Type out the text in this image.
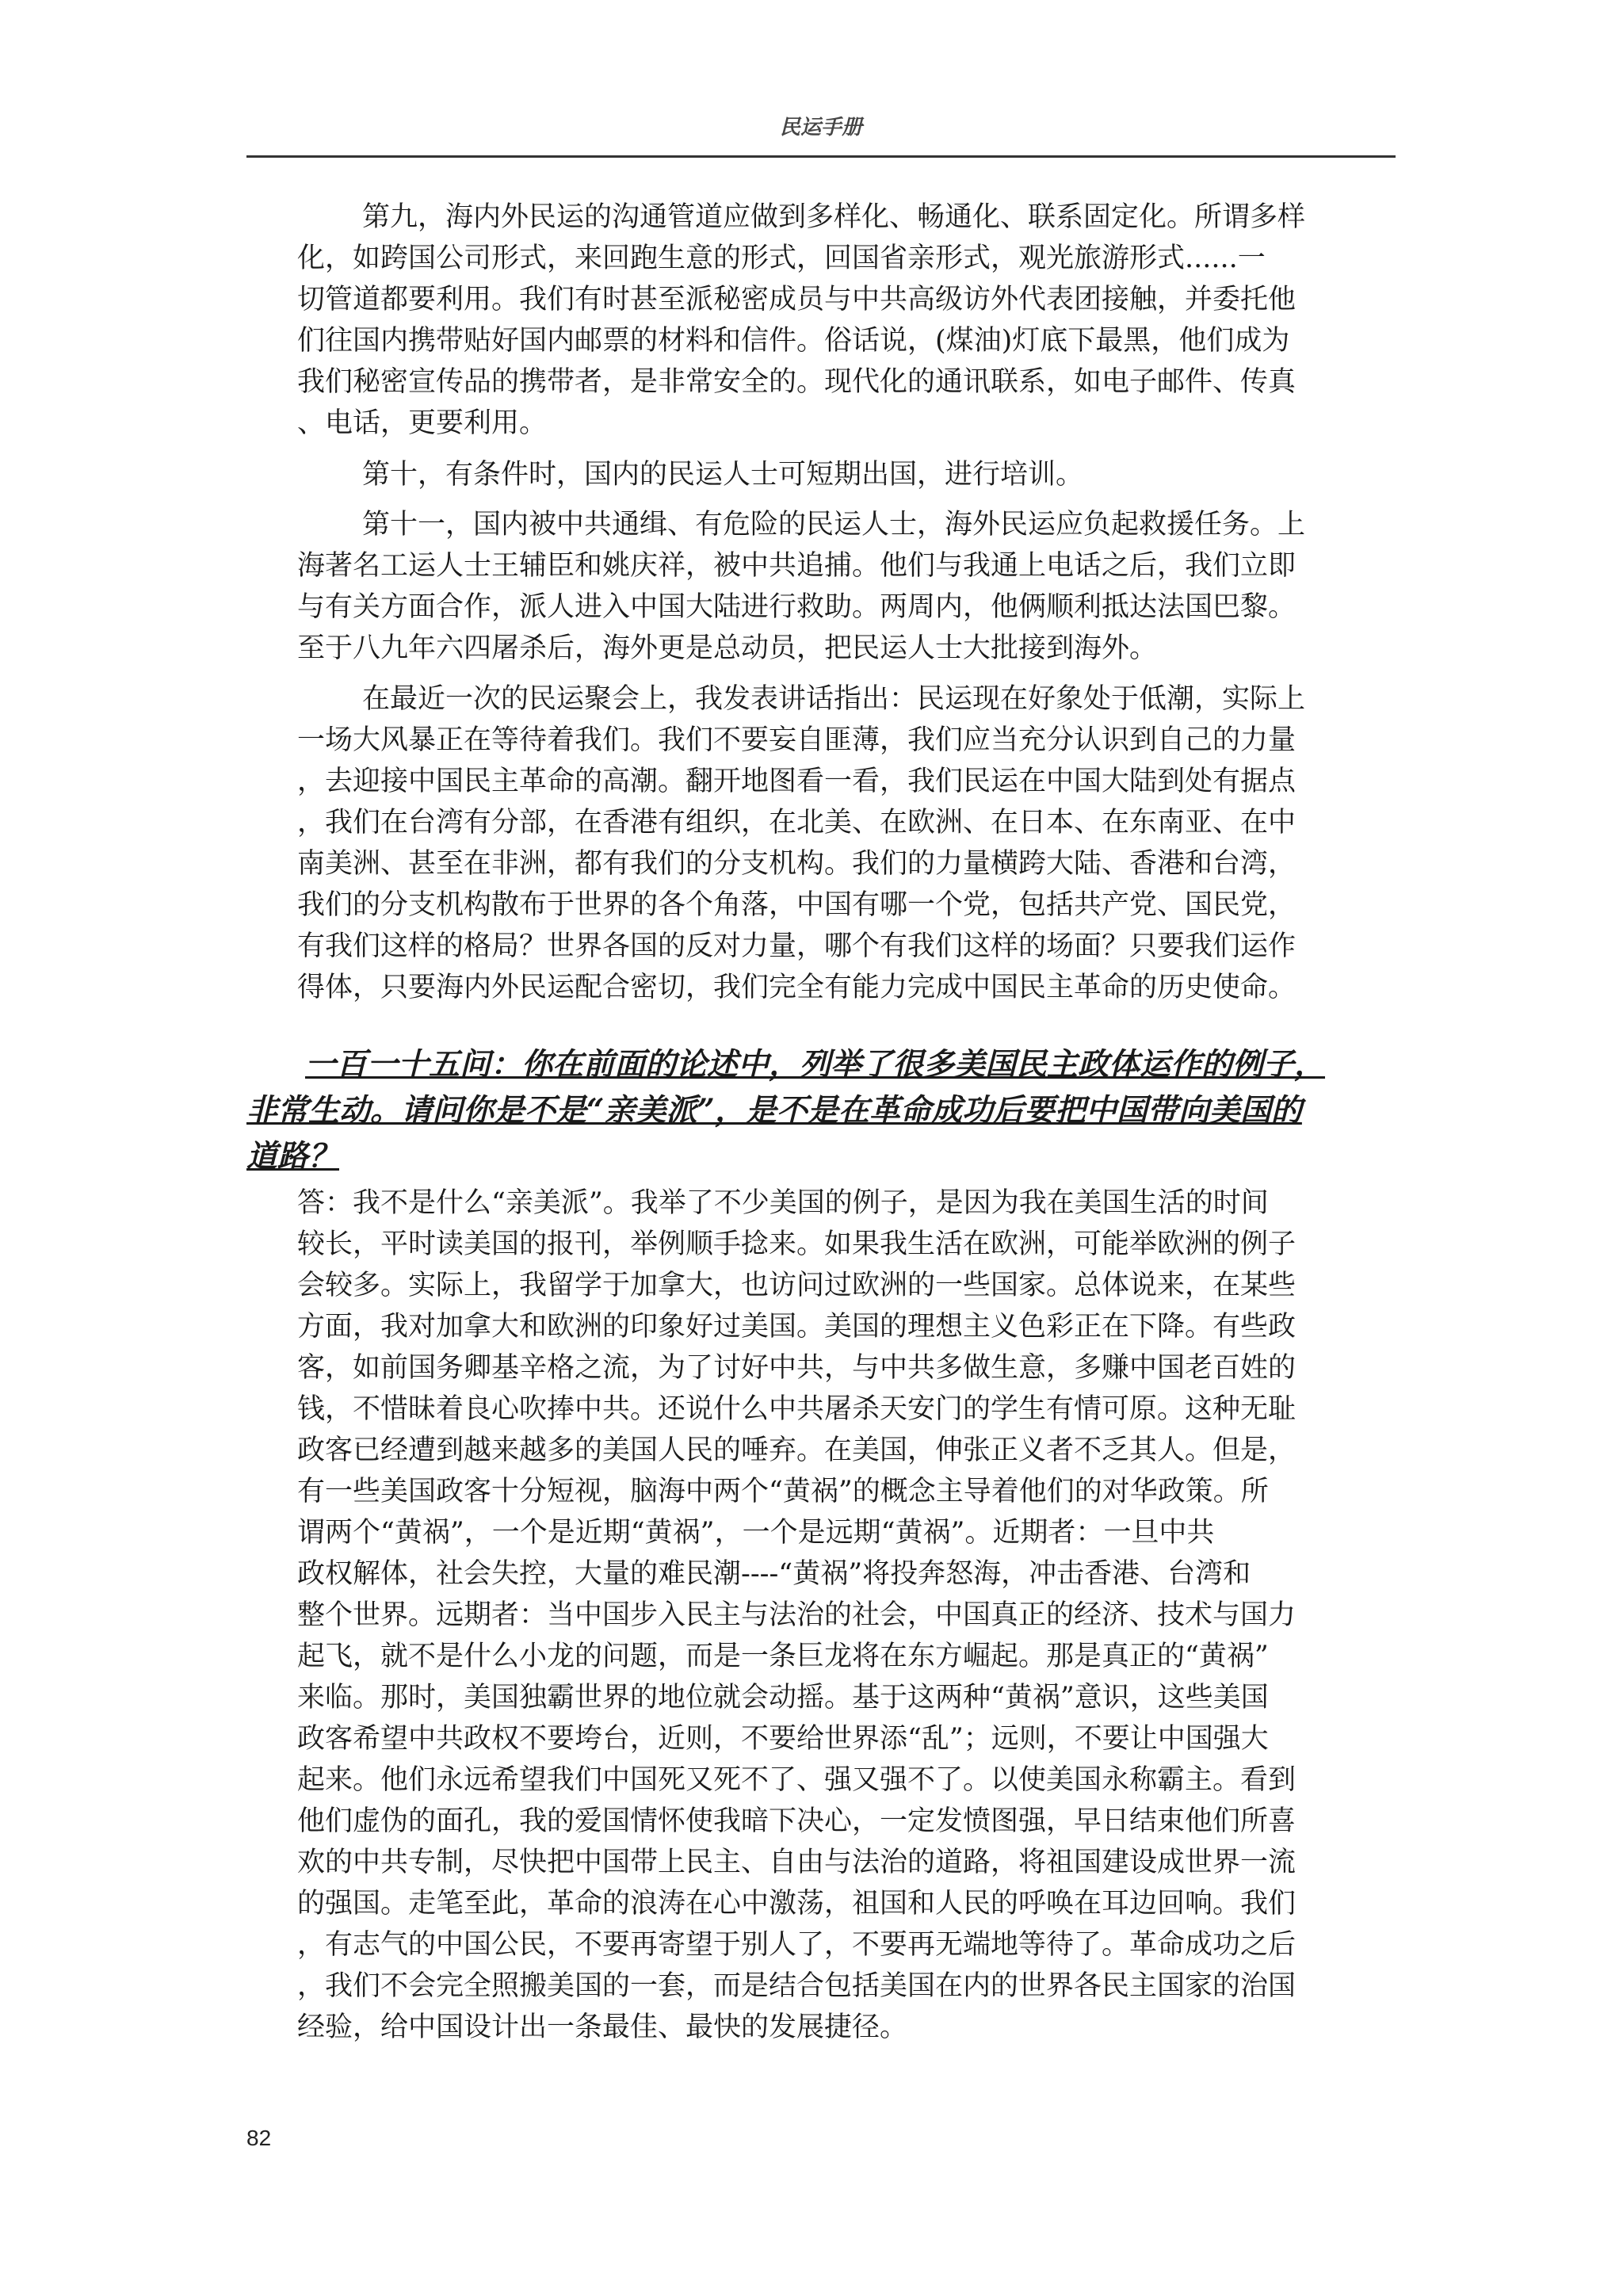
民运手册
第九，海内外民运的沟通管道应做到多样化、畅通化、联系固定化。所谓多样
化，如跨国公司形式，来回跑生意的形式，回国省亲形式，观光旅游形式......一
切管道都要利用。我们有时甚至派秘密成员与中共高级访外代表团接触，并委托他
们往国内携带贴好国内邮票的材料和信件。俗话说，(煤油)灯底下最黑，他们成为
我们秘密宣传品的携带者，是非常安全的。现代化的通讯联系，如电子邮件、传真
、电话，更要利用。
第十，有条件时，国内的民运人士可短期出国，进行培训。
第十一，国内被中共通缉、有危险的民运人士，海外民运应负起救援任务。上
海著名工运人士王辅臣和姚庆祥，被中共追捕。他们与我通上电话之后，我们立即
与有关方面合作，派人进入中国大陆进行救助。两周内，他俩顺利抵达法国巴黎。
至于八九年六四屠杀后，海外更是总动员，把民运人士大批接到海外。
在最近一次的民运聚会上，我发表讲话指出：民运现在好象处于低潮，实际上
一场大风暴正在等待着我们。我们不要妄自匪薄，我们应当充分认识到自己的力量
，去迎接中国民主革命的高潮。翻开地图看一看，我们民运在中国大陆到处有据点
，我们在台湾有分部，在香港有组织，在北美、在欧洲、在日本、在东南亚、在中
南美洲、甚至在非洲，都有我们的分支机构。我们的力量横跨大陆、香港和台湾，
我们的分支机构散布于世界的各个角落，中国有哪一个党，包括共产党、国民党，
有我们这样的格局？世界各国的反对力量，哪个有我们这样的场面？只要我们运作
得体，只要海内外民运配合密切，我们完全有能力完成中国民主革命的历史使命。
一百一十五问：你在前面的论述中，列举了很多美国民主政体运作的例子，
非常生动。请问你是不是“亲美派”，是不是在革命成功后要把中国带向美国的
道路？
答：我不是什么“亲美派”。我举了不少美国的例子，是因为我在美国生活的时间
较长，平时读美国的报刊，举例顺手捻来。如果我生活在欧洲，可能举欧洲的例子
会较多。实际上，我留学于加拿大，也访问过欧洲的一些国家。总体说来，在某些
方面，我对加拿大和欧洲的印象好过美国。美国的理想主义色彩正在下降。有些政
客，如前国务卿基辛格之流，为了讨好中共，与中共多做生意，多赚中国老百姓的
钱，不惜昧着良心吹捧中共。还说什么中共屠杀天安门的学生有情可原。这种无耻
政客已经遭到越来越多的美国人民的唾弃。在美国，伸张正义者不乏其人。但是，
有一些美国政客十分短视，脑海中两个“黄祸”的概念主导着他们的对华政策。所
谓两个“黄祸”，一个是近期“黄祸”，一个是远期“黄祸”。近期者：一旦中共
政权解体，社会失控，大量的难民潮----“黄祸”将投奔怒海，冲击香港、台湾和
整个世界。远期者：当中国步入民主与法治的社会，中国真正的经济、技术与国力
起飞，就不是什么小龙的问题，而是一条巨龙将在东方崛起。那是真正的“黄祸”
来临。那时，美国独霸世界的地位就会动摇。基于这两种“黄祸”意识，这些美国
政客希望中共政权不要垮台，近则，不要给世界添“乱”；远则，不要让中国强大
起来。他们永远希望我们中国死又死不了、强又强不了。以使美国永称霸主。看到
他们虚伪的面孔，我的爱国情怀使我暗下决心，一定发愤图强，早日结束他们所喜
欢的中共专制，尽快把中国带上民主、自由与法治的道路，将祖国建设成世界一流
的强国。走笔至此，革命的浪涛在心中激荡，祖国和人民的呼唤在耳边回响。我们
，有志气的中国公民，不要再寄望于别人了，不要再无端地等待了。革命成功之后
，我们不会完全照搬美国的一套，而是结合包括美国在内的世界各民主国家的治国
经验，给中国设计出一条最佳、最快的发展捷径。
82
